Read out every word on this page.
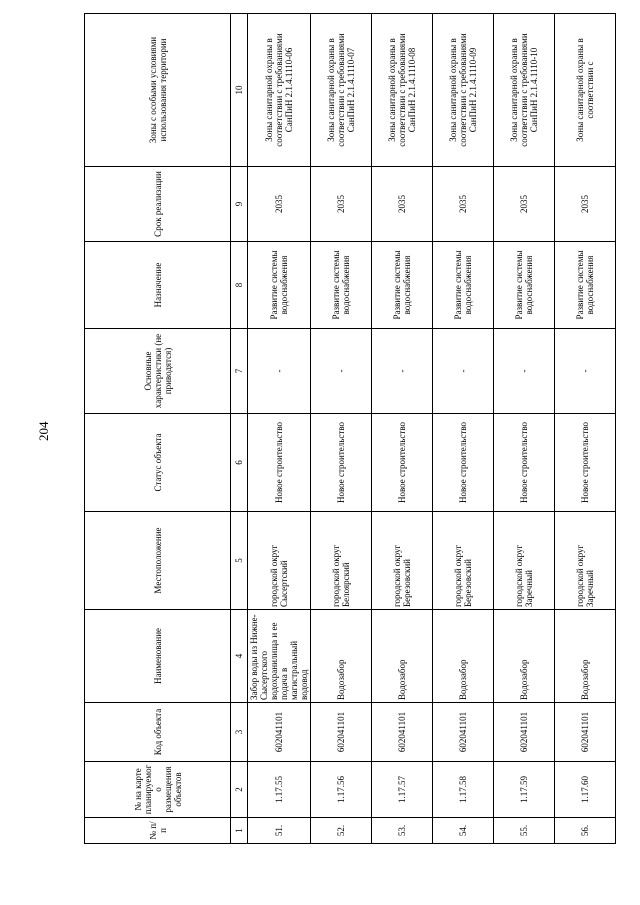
204
№ п/п	№ на карте планируемого размещения объектов	Код объекта	Наименование	Местоположение	Статус объекта	Основные характеристики (не приводятся)	Назначение	Срок реализации	Зоны с особыми условиями использования территории
1	2	3	4	5	6	7	8	9	10
51.	1.17.55	602041101	Забор воды из Нижне-Сысертского водохранилища и ее подача в магистральный водовод	городской округ Сысертский	Новое строительство	-	Развитие системы водоснабжения	2035	Зоны санитарной охраны в соответствии с требованиями СанПиН 2.1.4.1110-06
52.	1.17.56	602041101	Водозабор	городской округ Белоярский	Новое строительство	-	Развитие системы водоснабжения	2035	Зоны санитарной охраны в соответствии с требованиями СанПиН 2.1.4.1110-07
53.	1.17.57	602041101	Водозабор	городской округ Березовский	Новое строительство	-	Развитие системы водоснабжения	2035	Зоны санитарной охраны в соответствии с требованиями СанПиН 2.1.4.1110-08
54.	1.17.58	602041101	Водозабор	городской округ Березовский	Новое строительство	-	Развитие системы водоснабжения	2035	Зоны санитарной охраны в соответствии с требованиями СанПиН 2.1.4.1110-09
55.	1.17.59	602041101	Водозабор	городской округ Заречный	Новое строительство	-	Развитие системы водоснабжения	2035	Зоны санитарной охраны в соответствии с требованиями СанПиН 2.1.4.1110-10
56.	1.17.60	602041101	Водозабор	городской округ Заречный	Новое строительство	-	Развитие системы водоснабжения	2035	Зоны санитарной охраны в соответствии с
